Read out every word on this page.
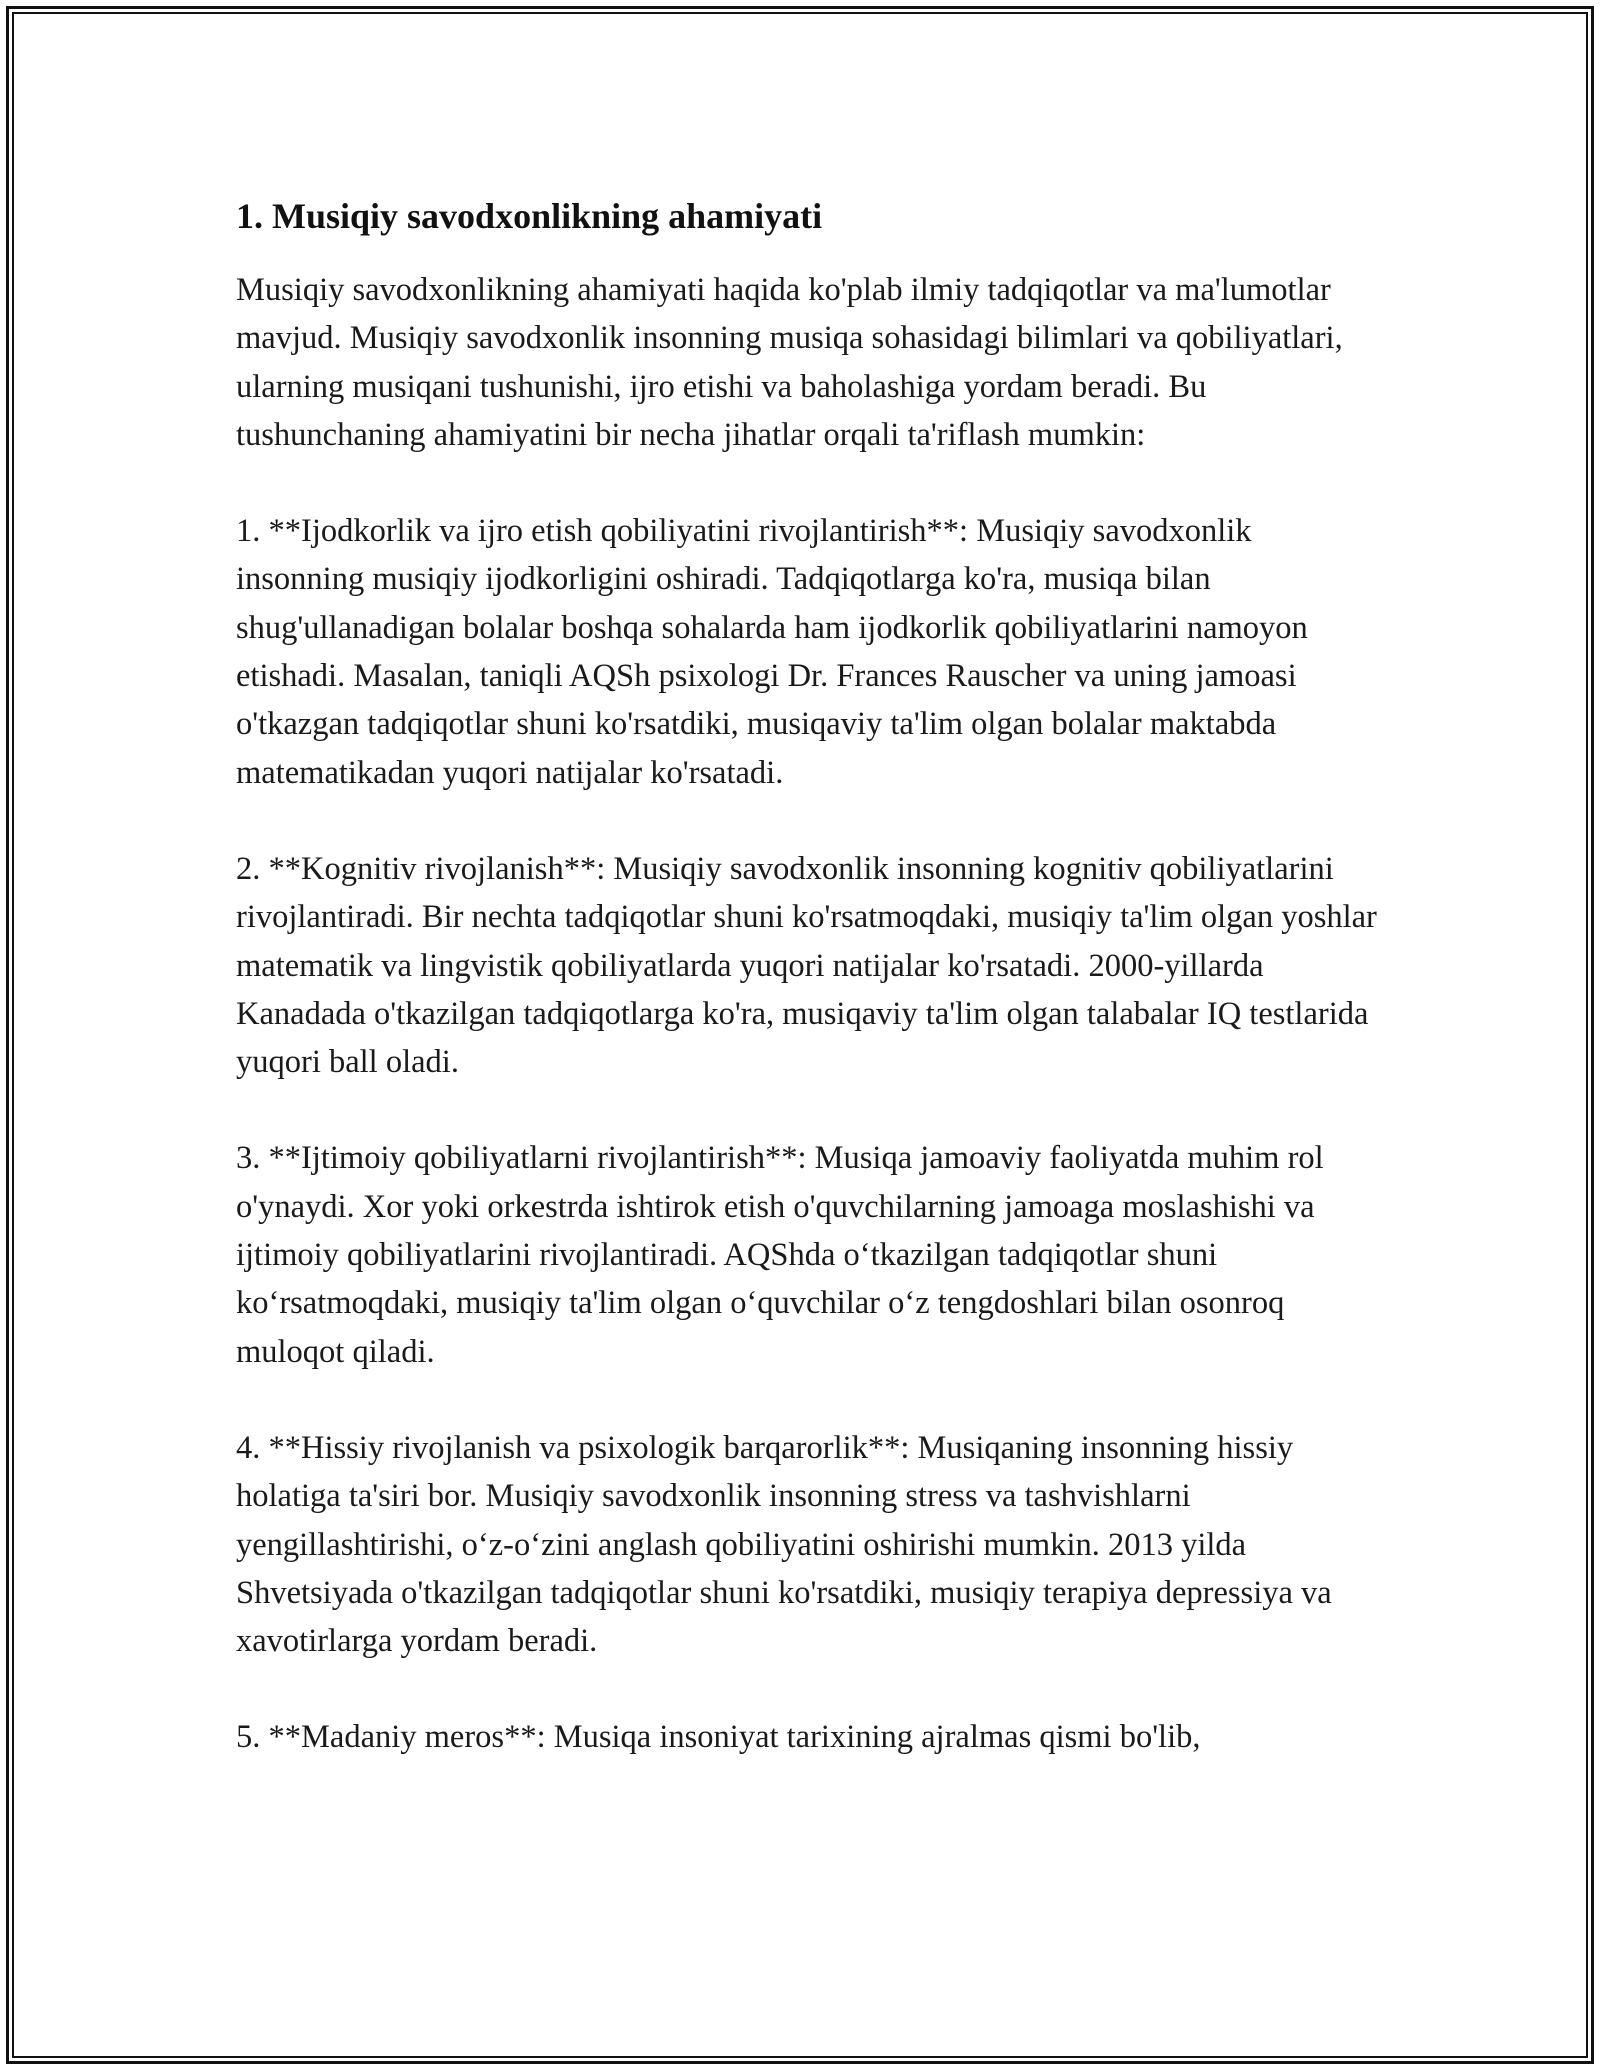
1. Musiqiy savodxonlikning ahamiyati

Musiqiy savodxonlikning ahamiyati haqida ko'plab ilmiy tadqiqotlar va ma'lumotlar mavjud. Musiqiy savodxonlik insonning musiqa sohasidagi bilimlari va qobiliyatlari, ularning musiqani tushunishi, ijro etishi va baholashiga yordam beradi. Bu tushunchaning ahamiyatini bir necha jihatlar orqali ta'riflash mumkin:

1. **Ijodkorlik va ijro etish qobiliyatini rivojlantirish**: Musiqiy savodxonlik insonning musiqiy ijodkorligini oshiradi. Tadqiqotlarga ko'ra, musiqa bilan shug'ullanadigan bolalar boshqa sohalarda ham ijodkorlik qobiliyatlarini namoyon etishadi. Masalan, taniqli AQSh psixologi Dr. Frances Rauscher va uning jamoasi o'tkazgan tadqiqotlar shuni ko'rsatdiki, musiqaviy ta'lim olgan bolalar maktabda matematikadan yuqori natijalar ko'rsatadi.

2. **Kognitiv rivojlanish**: Musiqiy savodxonlik insonning kognitiv qobiliyatlarini rivojlantiradi. Bir nechta tadqiqotlar shuni ko'rsatmoqdaki, musiqiy ta'lim olgan yoshlar matematik va lingvistik qobiliyatlarda yuqori natijalar ko'rsatadi. 2000-yillarda Kanadada o'tkazilgan tadqiqotlarga ko'ra, musiqaviy ta'lim olgan talabalar IQ testlarida yuqori ball oladi.

3. **Ijtimoiy qobiliyatlarni rivojlantirish**: Musiqa jamoaviy faoliyatda muhim rol o'ynaydi. Xor yoki orkestrda ishtirok etish o'quvchilarning jamoaga moslashishi va ijtimoiy qobiliyatlarini rivojlantiradi. AQShda o‘tkazilgan tadqiqotlar shuni ko‘rsatmoqdaki, musiqiy ta'lim olgan o‘quvchilar o‘z tengdoshlari bilan osonroq muloqot qiladi.

4. **Hissiy rivojlanish va psixologik barqarorlik**: Musiqaning insonning hissiy holatiga ta'siri bor. Musiqiy savodxonlik insonning stress va tashvishlarni yengillashtirishi, o‘z-o‘zini anglash qobiliyatini oshirishi mumkin. 2013 yilda Shvetsiyada o'tkazilgan tadqiqotlar shuni ko'rsatdiki, musiqiy terapiya depressiya va xavotirlarga yordam beradi.

5. **Madaniy meros**: Musiqa insoniyat tarixining ajralmas qismi bo'lib,
